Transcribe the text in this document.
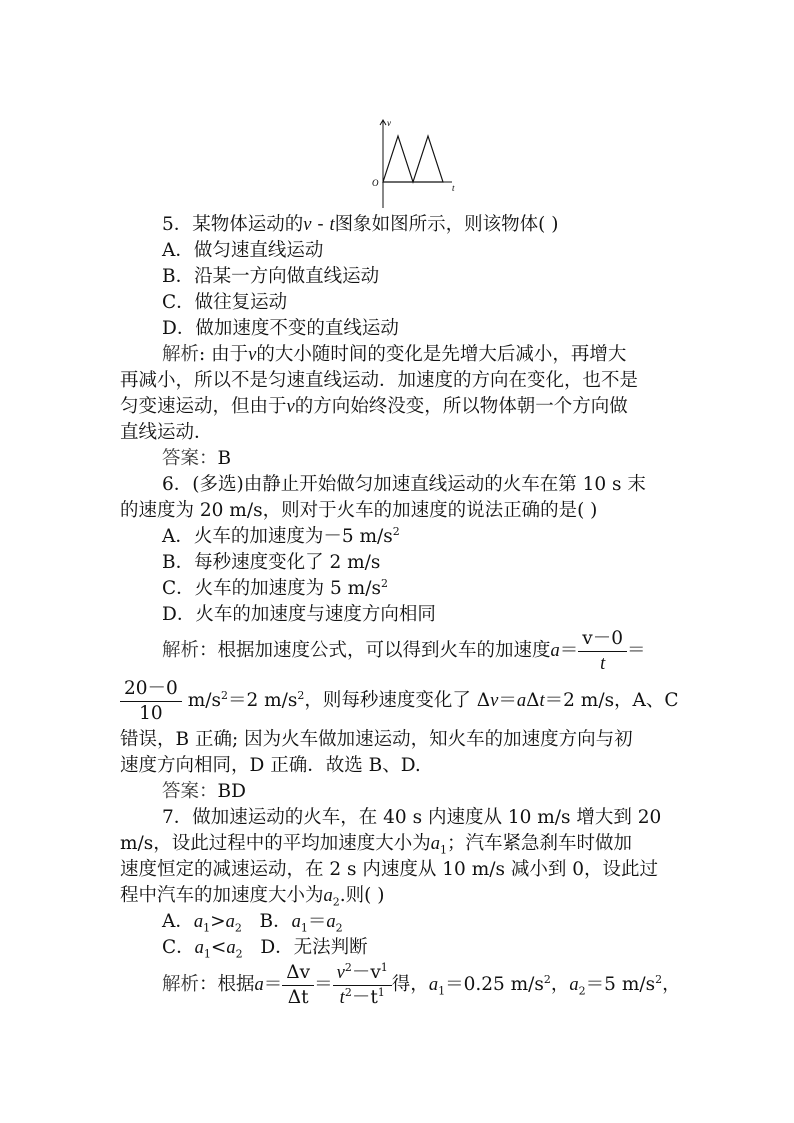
v
O	t
5．某物体运动的v - t图象如图所示，则该物体( )
A．做匀速直线运动
B．沿某一方向做直线运动
C．做往复运动
D．做加速度不变的直线运动
解析: 由于v的大小随时间的变化是先增大后减小，再增大
再减小，所以不是匀速直线运动．加速度的方向在变化，也不是
匀变速运动，但由于v的方向始终没变，所以物体朝一个方向做
直线运动．
答案：B
6．(多选)由静止开始做匀加速直线运动的火车在第 10 s 末
的速度为 20 m/s，则对于火车的加速度的说法正确的是( )
A．火车的加速度为－5 $m/s^2$
B．每秒速度变化了 2 m/s
C．火车的加速度为 5 $m/s^2$
D．火车的加速度与速度方向相同
解析：根据加速度公式，可以得到火车的加速度$a= \frac{v-0}{t}$ ＝
$\frac{20-0}{10} m/s^2=2$ $m/s^2$，则每秒速度变化了 Δv＝aΔt＝2 m/s，A、C
错误，B 正确; 因为火车做加速运动，知火车的加速度方向与初
速度方向相同，D 正确．故选 B、D.
答案：BD
7．做加速运动的火车，在 40 s 内速度从 10 m/s 增大到 20
m/s，设此过程中的平均加速度大小为$a_1$；汽车紧急刹车时做加
速度恒定的减速运动，在 2 s 内速度从 10 m/s 减小到 0，设此过
程中汽车的加速度大小为$a_2$.则( )
A．$a_1>a_2$   B．$a_1=a_2$
C．$a_1<a_2$   D．无法判断
解析：根据$a= \frac{\Delta v}{\Delta t} = \frac{v^2-v^1}{t^2-t^1}$ 得，$a_1=0.25$ $m/s^2$，$a_2=5$ $m/s^2$，
